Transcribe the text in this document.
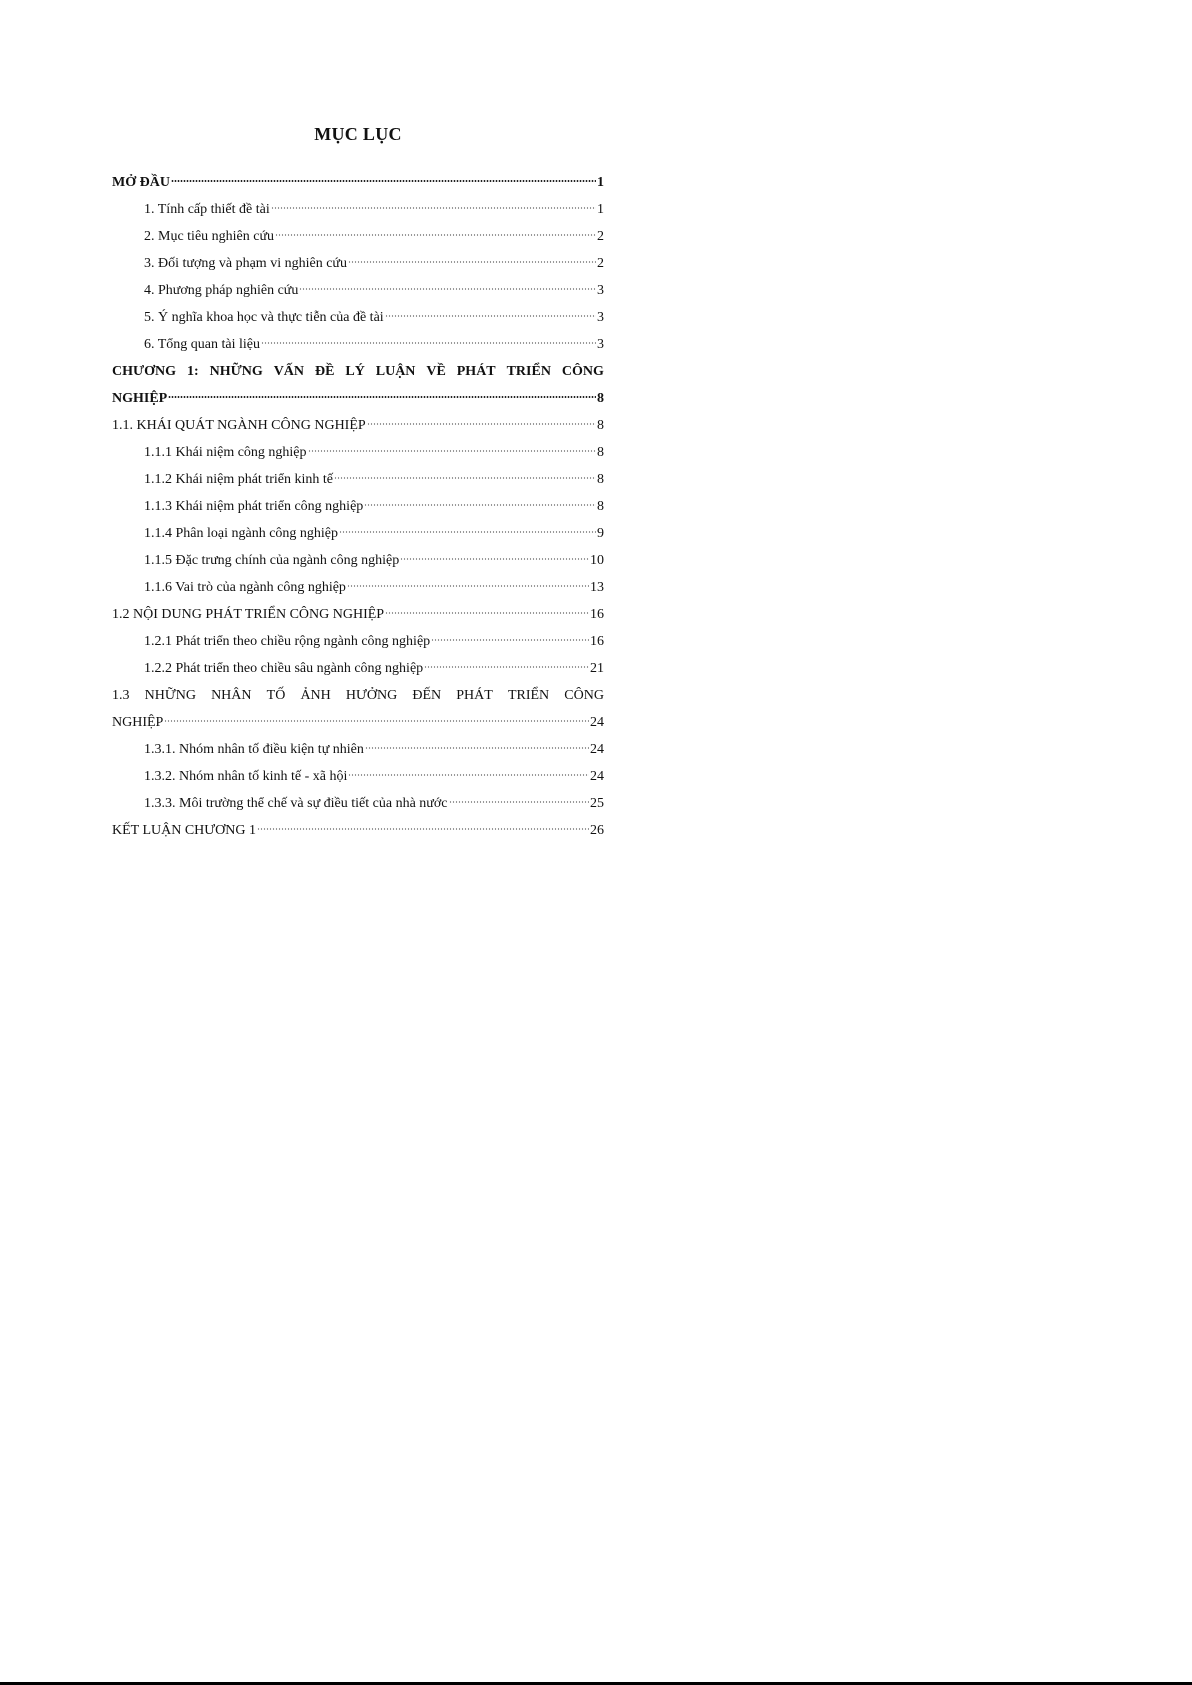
MỤC LỤC
MỞ ĐẦU	1
1. Tính cấp thiết đề tài	1
2. Mục tiêu nghiên cứu	2
3. Đối tượng và phạm vi nghiên cứu	2
4. Phương pháp nghiên cứu	3
5. Ý nghĩa khoa học và thực tiễn của đề tài	3
6. Tổng quan tài liệu	3
CHƯƠNG 1: NHỮNG VẤN ĐỀ LÝ LUẬN VỀ PHÁT TRIỂN CÔNG
NGHIỆP	8
1.1. KHÁI QUÁT NGÀNH CÔNG NGHIỆP	8
1.1.1 Khái niệm công nghiệp	8
1.1.2 Khái niệm phát triển kinh tế	8
1.1.3 Khái niệm phát triển công nghiệp	8
1.1.4 Phân loại ngành công nghiệp	9
1.1.5 Đặc trưng chính của ngành công nghiệp	10
1.1.6 Vai trò của ngành công nghiệp	13
1.2 NỘI DUNG PHÁT TRIỂN CÔNG NGHIỆP	16
1.2.1 Phát triển theo chiều rộng ngành công nghiệp	16
1.2.2 Phát triển theo chiều sâu ngành công nghiệp	21
1.3 NHỮNG NHÂN TỐ ẢNH HƯỞNG ĐẾN PHÁT TRIỂN CÔNG
NGHIỆP	24
1.3.1. Nhóm nhân tố điều kiện tự nhiên	24
1.3.2. Nhóm nhân tố kinh tế - xã hội	24
1.3.3. Môi trường thể chế và sự điều tiết của nhà nước	25
KẾT LUẬN CHƯƠNG 1	26
